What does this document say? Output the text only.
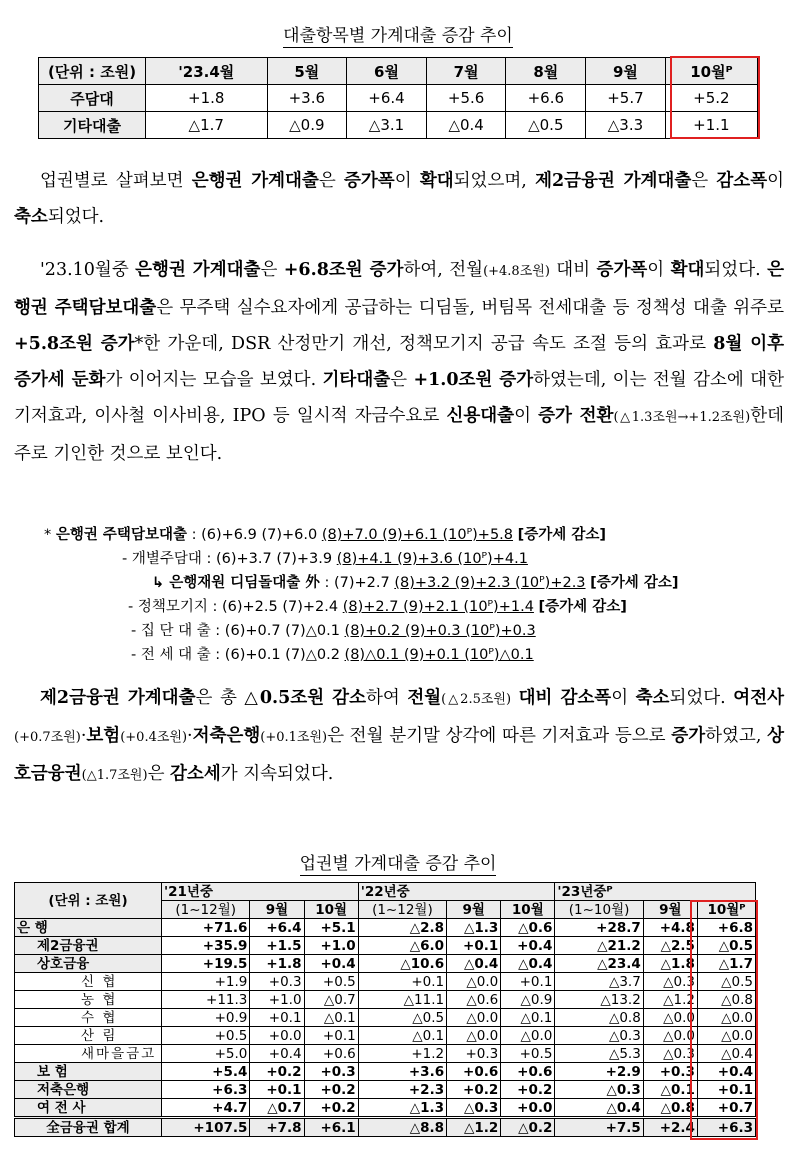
대출항목별 가계대출 증감 추이
(단위 : 조원)	'23.4월	5월	6월	7월	8월	9월	10월ᴾ
주담대	+1.8	+3.6	+6.4	+5.6	+6.6	+5.7	+5.2
기타대출	△1.7	△0.9	△3.1	△0.4	△0.5	△3.3	+1.1
업권별로 살펴보면 은행권 가계대출은 증가폭이 확대되었으며, 제2금융권 가계대출은 감소폭이 축소되었다.
'23.10월중 은행권 가계대출은 +6.8조원 증가하여, 전월(+4.8조원) 대비 증가폭이 확대되었다. 은행권 주택담보대출은 무주택 실수요자에게 공급하는 디딤돌, 버팀목 전세대출 등 정책성 대출 위주로 +5.8조원 증가*한 가운데, DSR 산정만기 개선, 정책모기지 공급 속도 조절 등의 효과로 8월 이후 증가세 둔화가 이어지는 모습을 보였다. 기타대출은 +1.0조원 증가하였는데, 이는 전월 감소에 대한 기저효과, 이사철 이사비용, IPO 등 일시적 자금수요로 신용대출이 증가 전환(△1.3조원→+1.2조원)한데 주로 기인한 것으로 보인다.
* 은행권 주택담보대출 : (6)+6.9 (7)+6.0 (8)+7.0 (9)+6.1 (10ᴾ)+5.8 [증가세 감소]
- 개별주담대 : (6)+3.7 (7)+3.9 (8)+4.1 (9)+3.6 (10ᴾ)+4.1
↳ 은행재원 디딤돌대출 外 : (7)+2.7 (8)+3.2 (9)+2.3 (10ᴾ)+2.3 [증가세 감소]
- 정책모기지 : (6)+2.5 (7)+2.4 (8)+2.7 (9)+2.1 (10ᴾ)+1.4 [증가세 감소]
- 집 단 대 출 : (6)+0.7 (7)△0.1 (8)+0.2 (9)+0.3 (10ᴾ)+0.3
- 전 세 대 출 : (6)+0.1 (7)△0.2 (8)△0.1 (9)+0.1 (10ᴾ)△0.1
제2금융권 가계대출은 총 △0.5조원 감소하여 전월(△2.5조원) 대비 감소폭이 축소되었다. 여전사(+0.7조원)·보험(+0.4조원)·저축은행(+0.1조원)은 전월 분기말 상각에 따른 기저효과 등으로 증가하였고, 상호금융권(△1.7조원)은 감소세가 지속되었다.
업권별 가계대출 증감 추이
(단위 : 조원)	'21년중			'22년중			'23년중ᴾ		
	(1~12월)	9월	10월	(1~12월)	9월	10월	(1~10월)	9월	10월ᴾ
은 행	+71.6	+6.4	+5.1	△2.8	△1.3	△0.6	+28.7	+4.8	+6.8
제2금융권	+35.9	+1.5	+1.0	△6.0	+0.1	+0.4	△21.2	△2.5	△0.5
상호금융	+19.5	+1.8	+0.4	△10.6	△0.4	△0.4	△23.4	△1.8	△1.7
신 협	+1.9	+0.3	+0.5	+0.1	△0.0	+0.1	△3.7	△0.3	△0.5
농 협	+11.3	+1.0	△0.7	△11.1	△0.6	△0.9	△13.2	△1.2	△0.8
수 협	+0.9	+0.1	△0.1	△0.5	△0.0	△0.1	△0.8	△0.0	△0.0
산 림	+0.5	+0.0	+0.1	△0.1	△0.0	△0.0	△0.3	△0.0	△0.0
새마을금고	+5.0	+0.4	+0.6	+1.2	+0.3	+0.5	△5.3	△0.3	△0.4
보 험	+5.4	+0.2	+0.3	+3.6	+0.6	+0.6	+2.9	+0.3	+0.4
저축은행	+6.3	+0.1	+0.2	+2.3	+0.2	+0.2	△0.3	△0.1	+0.1
여 전 사	+4.7	△0.7	+0.2	△1.3	△0.3	+0.0	△0.4	△0.8	+0.7
全금융권 합계	+107.5	+7.8	+6.1	△8.8	△1.2	△0.2	+7.5	+2.4	+6.3
